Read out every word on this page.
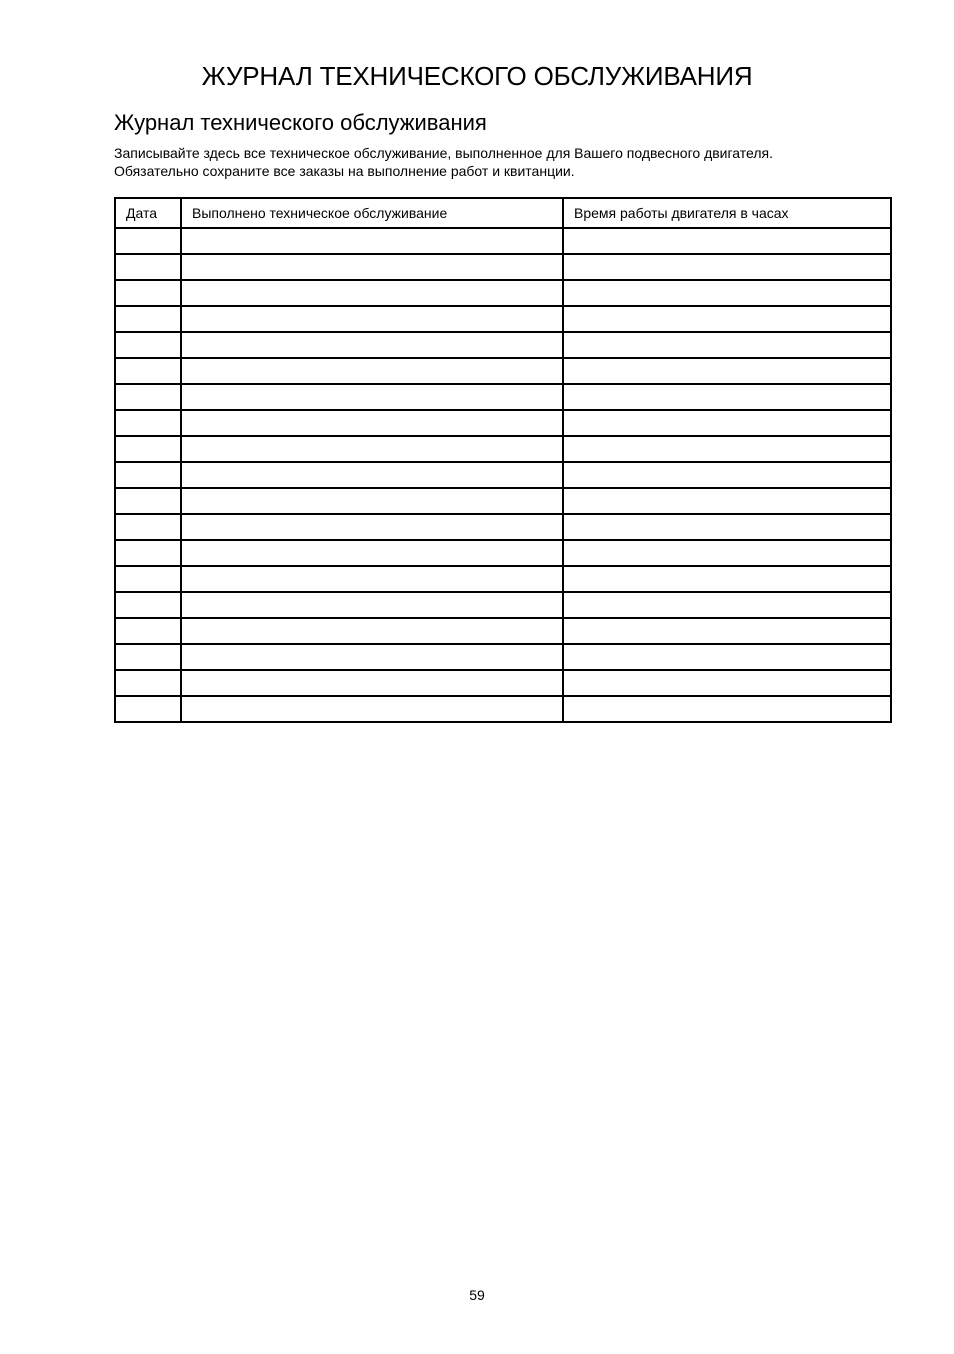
ЖУРНАЛ ТЕХНИЧЕСКОГО ОБСЛУЖИВАНИЯ
Журнал технического обслуживания

Записывайте здесь все техническое обслуживание, выполненное для Вашего подвесного двигателя.

Обязательно сохраните все заказы на выполнение работ и квитанции.

Дата	Выполнено техническое обслуживание	Время работы двигателя в часах

59
